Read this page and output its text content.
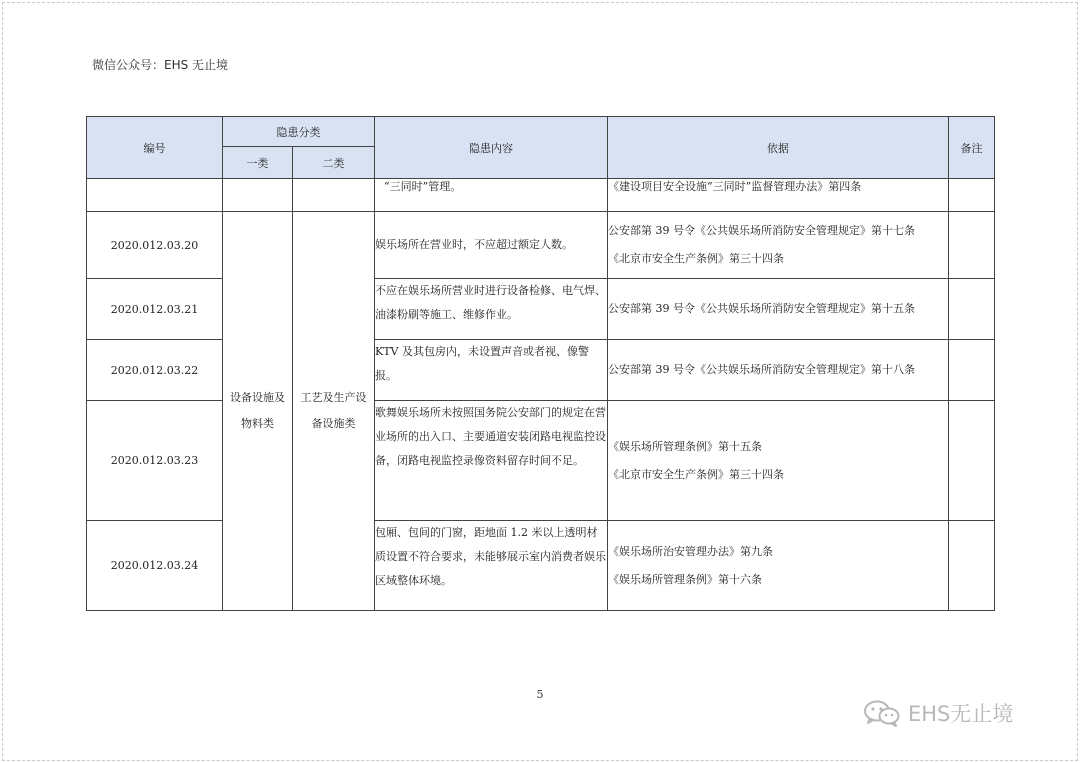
微信公众号：EHS 无止境
编号	隐患分类		隐患内容	依据	备注
	一类	二类			
			“三同时”管理。	《建设项目安全设施“三同时”监督管理办法》第四条	

2020.012.03.20	设备设施及物料类	工艺及生产设备设施类	娱乐场所在营业时，不应超过额定人数。	公安部第 39 号令《公共娱乐场所消防安全管理规定》第十七条
《北京市安全生产条例》第三十四条	

2020.012.03.21			不应在娱乐场所营业时进行设备检修、电气焊、油漆粉刷等施工、维修作业。	公安部第 39 号令《公共娱乐场所消防安全管理规定》第十五条	

2020.012.03.22			KTV 及其包房内，未设置声音或者视、像警报。	公安部第 39 号令《公共娱乐场所消防安全管理规定》第十八条	

2020.012.03.23			歌舞娱乐场所未按照国务院公安部门的规定在营业场所的出入口、主要通道安装闭路电视监控设备，闭路电视监控录像资料留存时间不足。	《娱乐场所管理条例》第十五条
《北京市安全生产条例》第三十四条	

2020.012.03.24			包厢、包间的门窗，距地面 1.2 米以上透明材质设置不符合要求，未能够展示室内消费者娱乐区域整体环境。	《娱乐场所治安管理办法》第九条
《娱乐场所管理条例》第十六条	

5
EHS无止境
